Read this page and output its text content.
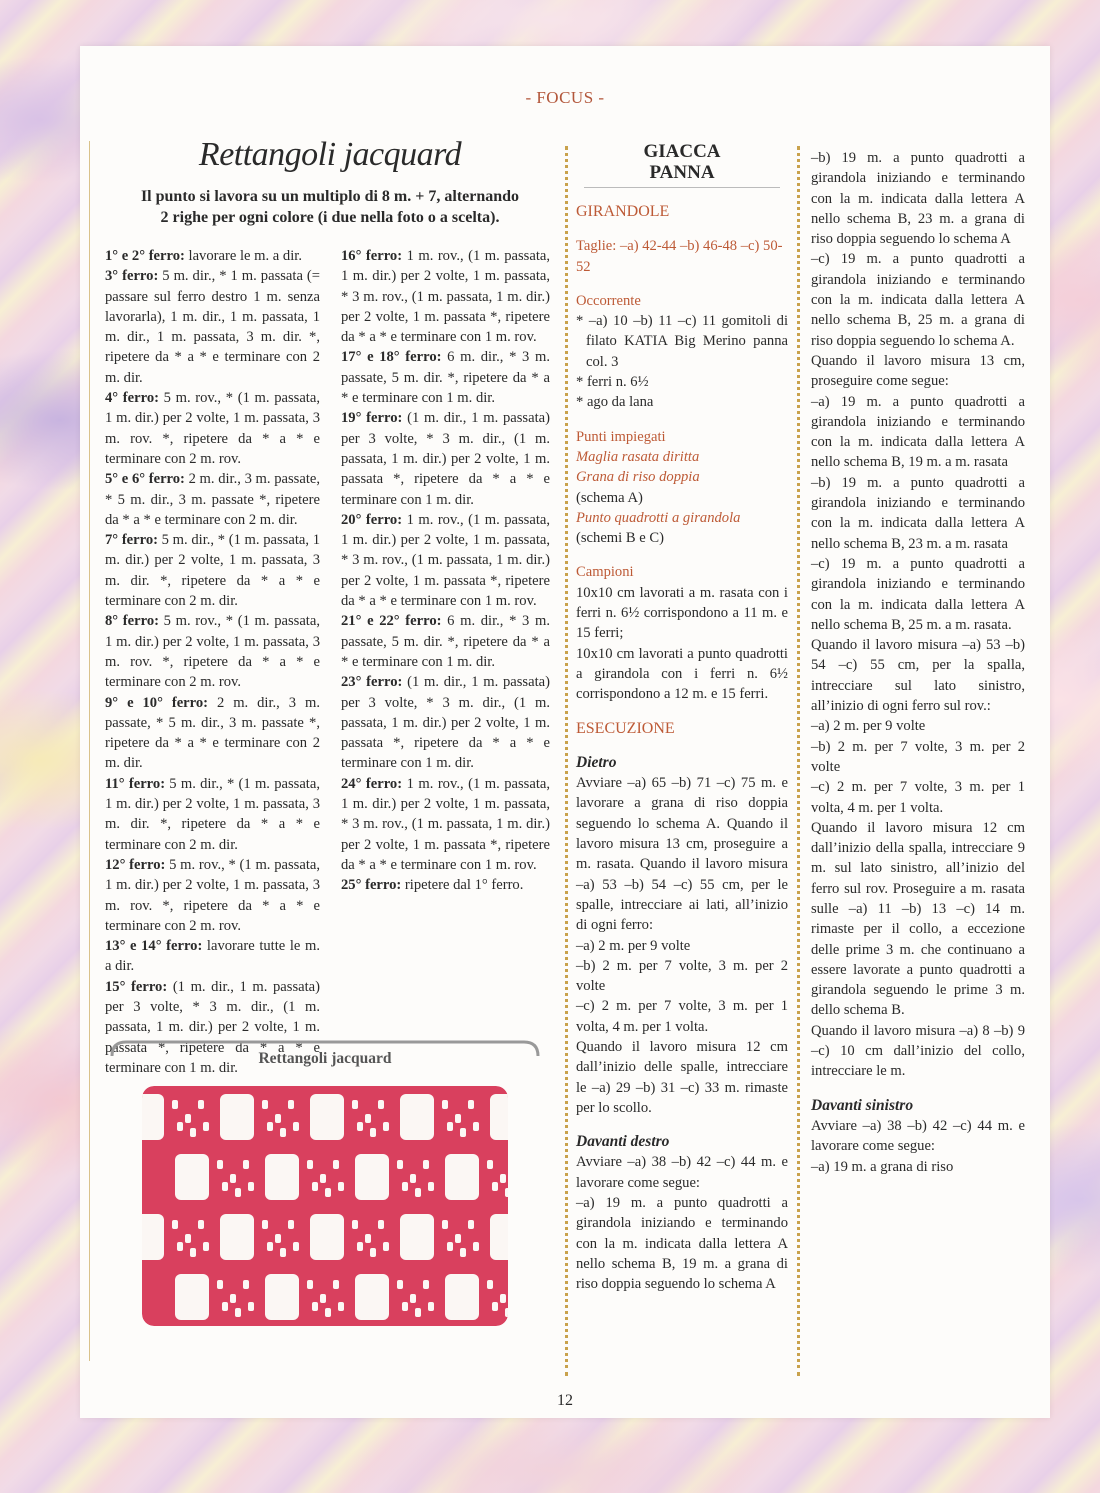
- FOCUS -
Rettangoli jacquard
Il punto si lavora su un multiplo di 8 m. + 7, alternando
2 righe per ogni colore (i due nella foto o a scelta).

1° e 2° ferro: lavorare le m. a dir.

3° ferro: 5 m. dir., * 1 m. passata (= passare sul ferro destro 1 m. senza lavorarla), 1 m. dir., 1 m. passata, 1 m. dir., 1 m. passata, 3 m. dir. *, ripetere da * a * e terminare con 2 m. dir.

4° ferro: 5 m. rov., * (1 m. passata, 1 m. dir.) per 2 volte, 1 m. passata, 3 m. rov. *, ripetere da * a * e terminare con 2 m. rov.

5° e 6° ferro: 2 m. dir., 3 m. passate, * 5 m. dir., 3 m. passate *, ripetere da * a * e terminare con 2 m. dir.

7° ferro: 5 m. dir., * (1 m. passata, 1 m. dir.) per 2 volte, 1 m. passata, 3 m. dir. *, ripetere da * a * e terminare con 2 m. dir.

8° ferro: 5 m. rov., * (1 m. passata, 1 m. dir.) per 2 volte, 1 m. passata, 3 m. rov. *, ripetere da * a * e terminare con 2 m. rov.

9° e 10° ferro: 2 m. dir., 3 m. passate, * 5 m. dir., 3 m. passate *, ripetere da * a * e terminare con 2 m. dir.

11° ferro: 5 m. dir., * (1 m. passata, 1 m. dir.) per 2 volte, 1 m. passata, 3 m. dir. *, ripetere da * a * e terminare con 2 m. dir.

12° ferro: 5 m. rov., * (1 m. passata, 1 m. dir.) per 2 volte, 1 m. passata, 3 m. rov. *, ripetere da * a * e terminare con 2 m. rov.

13° e 14° ferro: lavorare tutte le m. a dir.

15° ferro: (1 m. dir., 1 m. passata) per 3 volte, * 3 m. dir., (1 m. passata, 1 m. dir.) per 2 volte, 1 m. passata *, ripetere da * a * e terminare con 1 m. dir.

16° ferro: 1 m. rov., (1 m. passata, 1 m. dir.) per 2 volte, 1 m. passata, * 3 m. rov., (1 m. passata, 1 m. dir.) per 2 volte, 1 m. passata *, ripetere da * a * e terminare con 1 m. rov.

17° e 18° ferro: 6 m. dir., * 3 m. passate, 5 m. dir. *, ripetere da * a * e terminare con 1 m. dir.

19° ferro: (1 m. dir., 1 m. passata) per 3 volte, * 3 m. dir., (1 m. passata, 1 m. dir.) per 2 volte, 1 m. passata *, ripetere da * a * e terminare con 1 m. dir.

20° ferro: 1 m. rov., (1 m. passata, 1 m. dir.) per 2 volte, 1 m. passata, * 3 m. rov., (1 m. passata, 1 m. dir.) per 2 volte, 1 m. passata *, ripetere da * a * e terminare con 1 m. rov.

21° e 22° ferro: 6 m. dir., * 3 m. passate, 5 m. dir. *, ripetere da * a * e terminare con 1 m. dir.

23° ferro: (1 m. dir., 1 m. passata) per 3 volte, * 3 m. dir., (1 m. passata, 1 m. dir.) per 2 volte, 1 m. passata *, ripetere da * a * e terminare con 1 m. dir.

24° ferro: 1 m. rov., (1 m. passata, 1 m. dir.) per 2 volte, 1 m. passata, * 3 m. rov., (1 m. passata, 1 m. dir.) per 2 volte, 1 m. passata *, ripetere da * a * e terminare con 1 m. rov.

25° ferro: ripetere dal 1° ferro.

Rettangoli jacquard
GIACCA
PANNA

GIRANDOLE

Taglie: –a) 42-44 –b) 46-48 –c) 50-52

Occorrente

* –a) 10 –b) 11 –c) 11 gomitoli di filato KATIA Big Merino panna col. 3

* ferri n. 6½

* ago da lana

Punti impiegati

Maglia rasata diritta

Grana di riso doppia

(schema A)

Punto quadrotti a girandola

(schemi B e C)

Campioni

10x10 cm lavorati a m. rasata con i ferri n. 6½ corrispondono a 11 m. e 15 ferri;

10x10 cm lavorati a punto quadrotti a girandola con i ferri n. 6½ corrispondono a 12 m. e 15 ferri.

ESECUZIONE

Dietro

Avviare –a) 65 –b) 71 –c) 75 m. e lavorare a grana di riso doppia seguendo lo schema A. Quando il lavoro misura 13 cm, proseguire a m. rasata. Quando il lavoro misura –a) 53 –b) 54 –c) 55 cm, per le spalle, intrecciare ai lati, all’inizio di ogni ferro:

–a) 2 m. per 9 volte

–b) 2 m. per 7 volte, 3 m. per 2 volte

–c) 2 m. per 7 volte, 3 m. per 1 volta, 4 m. per 1 volta.

Quando il lavoro misura 12 cm dall’inizio delle spalle, intrecciare le –a) 29 –b) 31 –c) 33 m. rimaste per lo scollo.

Davanti destro

Avviare –a) 38 –b) 42 –c) 44 m. e lavorare come segue:

–a) 19 m. a punto quadrotti a girandola iniziando e terminando con la m. indicata dalla lettera A nello schema B, 19 m. a grana di riso doppia seguendo lo schema A

–b) 19 m. a punto quadrotti a girandola iniziando e terminando con la m. indicata dalla lettera A nello schema B, 23 m. a grana di riso doppia seguendo lo schema A

–c) 19 m. a punto quadrotti a girandola iniziando e terminando con la m. indicata dalla lettera A nello schema B, 25 m. a grana di riso doppia seguendo lo schema A.

Quando il lavoro misura 13 cm, proseguire come segue:

–a) 19 m. a punto quadrotti a girandola iniziando e terminando con la m. indicata dalla lettera A nello schema B, 19 m. a m. rasata

–b) 19 m. a punto quadrotti a girandola iniziando e terminando con la m. indicata dalla lettera A nello schema B, 23 m. a m. rasata

–c) 19 m. a punto quadrotti a girandola iniziando e terminando con la m. indicata dalla lettera A nello schema B, 25 m. a m. rasata.

Quando il lavoro misura –a) 53 –b) 54 –c) 55 cm, per la spalla, intrecciare sul lato sinistro, all’inizio di ogni ferro sul rov.:

–a) 2 m. per 9 volte

–b) 2 m. per 7 volte, 3 m. per 2 volte

–c) 2 m. per 7 volte, 3 m. per 1 volta, 4 m. per 1 volta.

Quando il lavoro misura 12 cm dall’inizio della spalla, intrecciare 9 m. sul lato sinistro, all’inizio del ferro sul rov. Proseguire a m. rasata sulle –a) 11 –b) 13 –c) 14 m. rimaste per il collo, a eccezione delle prime 3 m. che continuano a essere lavorate a punto quadrotti a girandola seguendo le prime 3 m. dello schema B.

Quando il lavoro misura –a) 8 –b) 9 –c) 10 cm dall’inizio del collo, intrecciare le m.

Davanti sinistro

Avviare –a) 38 –b) 42 –c) 44 m. e lavorare come segue:

–a) 19 m. a grana di riso

12
